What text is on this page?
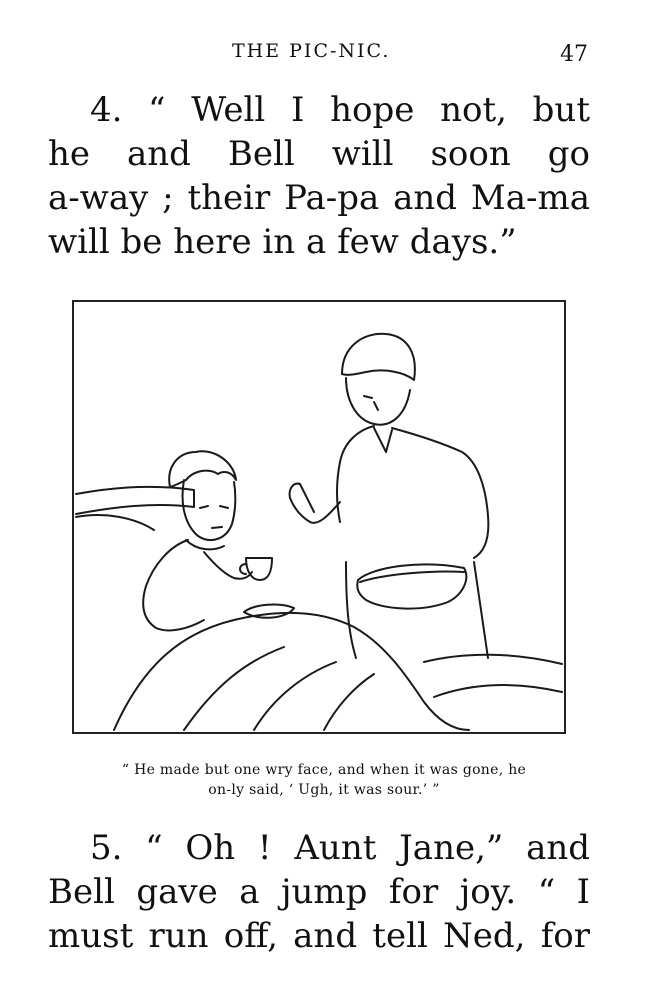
THE PIC-NIC.	47
4. “ Well I hope not, but
he and Bell will soon go
a-way ; their Pa-pa and Ma-ma
will be here in a few days.”
“ He made but one wry face, and when it was gone, he
on-ly said, ‘ Ugh, it was sour.’ ”
5. “ Oh ! Aunt Jane,” and
Bell gave a jump for joy. “ I
must run off, and tell Ned, for
